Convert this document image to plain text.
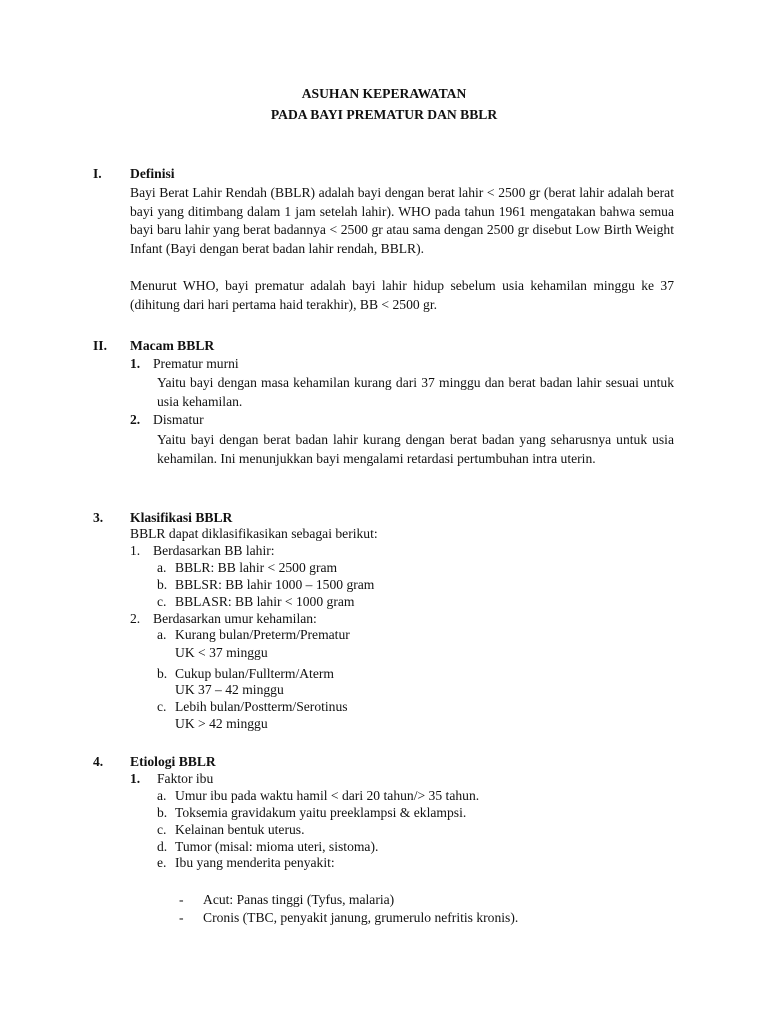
ASUHAN KEPERAWATAN
PADA BAYI PREMATUR DAN BBLR
I. Definisi
Bayi Berat Lahir Rendah (BBLR) adalah bayi dengan berat lahir < 2500 gr (berat lahir adalah berat bayi yang ditimbang dalam 1 jam setelah lahir). WHO pada tahun 1961 mengatakan bahwa semua bayi baru lahir yang berat badannya < 2500 gr atau sama dengan 2500 gr disebut Low Birth Weight Infant (Bayi dengan berat badan lahir rendah, BBLR).
Menurut WHO, bayi prematur adalah bayi lahir hidup sebelum usia kehamilan minggu ke 37 (dihitung dari hari pertama haid terakhir), BB < 2500 gr.
II. Macam BBLR
1. Prematur murni
Yaitu bayi dengan masa kehamilan kurang dari 37 minggu dan berat badan lahir sesuai untuk usia kehamilan.
2. Dismatur
Yaitu bayi dengan berat badan lahir kurang dengan berat badan yang seharusnya untuk usia kehamilan. Ini menunjukkan bayi mengalami retardasi pertumbuhan intra uterin.
3. Klasifikasi BBLR
BBLR dapat diklasifikasikan sebagai berikut:
1. Berdasarkan BB lahir:
a. BBLR: BB lahir < 2500 gram
b. BBLSR: BB lahir 1000 – 1500 gram
c. BBLASR: BB lahir < 1000 gram
2. Berdasarkan umur kehamilan:
a. Kurang bulan/Preterm/Prematur
UK < 37 minggu
b. Cukup bulan/Fullterm/Aterm
UK 37 – 42 minggu
c. Lebih bulan/Postterm/Serotinus
UK > 42 minggu
4. Etiologi BBLR
1. Faktor ibu
a. Umur ibu pada waktu hamil < dari 20 tahun/> 35 tahun.
b. Toksemia gravidakum yaitu preeklampsi & eklampsi.
c. Kelainan bentuk uterus.
d. Tumor (misal: mioma uteri, sistoma).
e. Ibu yang menderita penyakit:
- Acut: Panas tinggi (Tyfus, malaria)
- Cronis (TBC, penyakit janung, grumerulo nefritis kronis).
